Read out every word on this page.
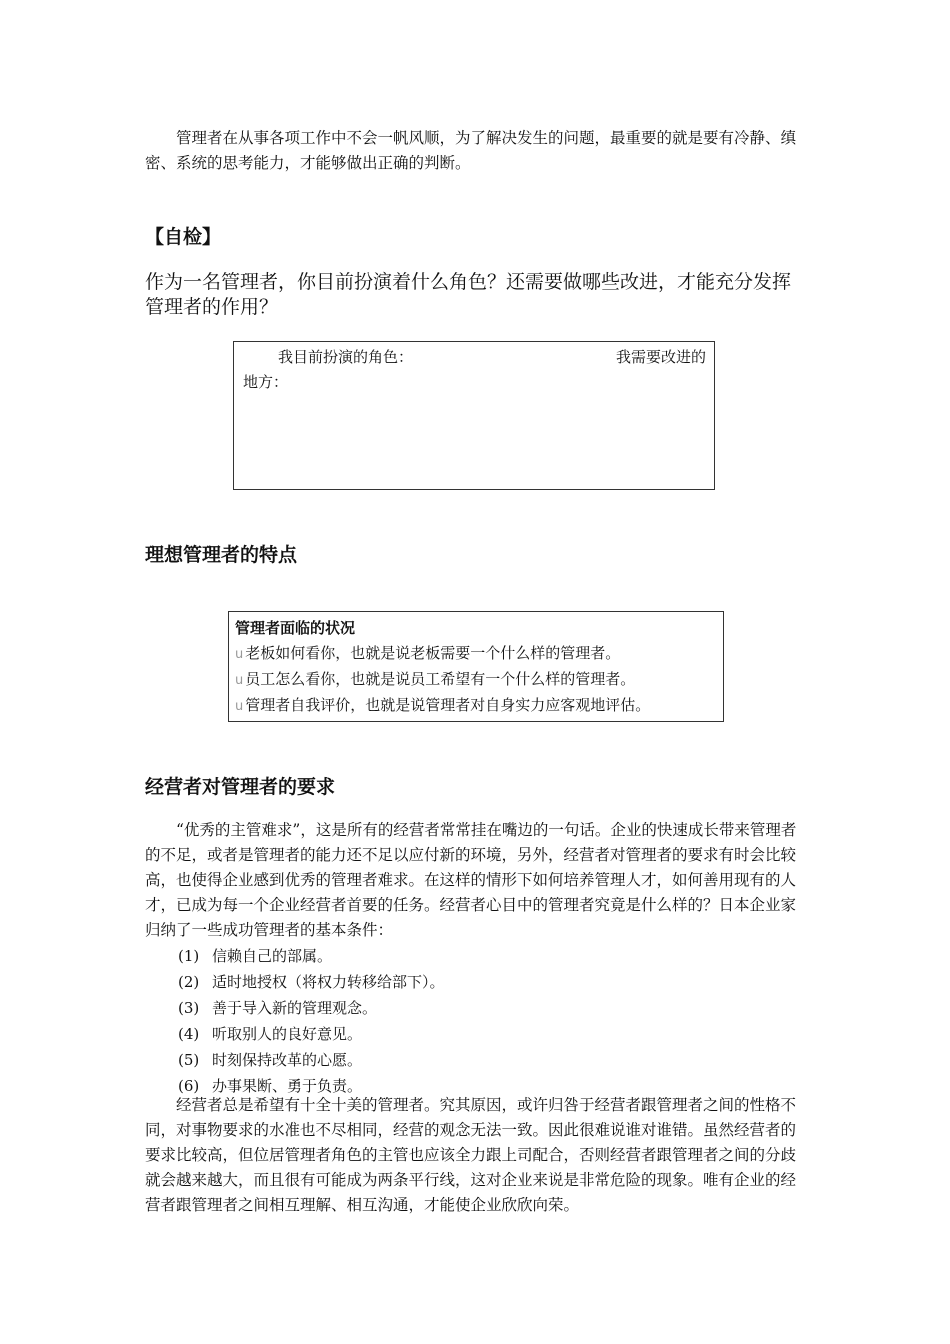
管理者在从事各项工作中不会一帆风顺，为了解决发生的问题，最重要的就是要有冷静、缜密、系统的思考能力，才能够做出正确的判断。

【自检】

作为一名管理者，你目前扮演着什么角色？还需要做哪些改进，才能充分发挥管理者的作用？

我目前扮演的角色：	我需要改进的
地方：
理想管理者的特点
管理者面临的状况
u 老板如何看你，也就是说老板需要一个什么样的管理者。
u 员工怎么看你，也就是说员工希望有一个什么样的管理者。
u 管理者自我评价，也就是说管理者对自身实力应客观地评估。
经营者对管理者的要求

“优秀的主管难求”，这是所有的经营者常常挂在嘴边的一句话。企业的快速成长带来管理者的不足，或者是管理者的能力还不足以应付新的环境，另外，经营者对管理者的要求有时会比较高，也使得企业感到优秀的管理者难求。在这样的情形下如何培养管理人才，如何善用现有的人才，已成为每一个企业经营者首要的任务。经营者心目中的管理者究竟是什么样的？日本企业家归纳了一些成功管理者的基本条件：

(1) 信赖自己的部属。
(2) 适时地授权（将权力转移给部下）。
(3) 善于导入新的管理观念。
(4) 听取别人的良好意见。
(5) 时刻保持改革的心愿。
(6) 办事果断、勇于负责。

经营者总是希望有十全十美的管理者。究其原因，或许归咎于经营者跟管理者之间的性格不同，对事物要求的水准也不尽相同，经营的观念无法一致。因此很难说谁对谁错。虽然经营者的要求比较高，但位居管理者角色的主管也应该全力跟上司配合，否则经营者跟管理者之间的分歧就会越来越大，而且很有可能成为两条平行线，这对企业来说是非常危险的现象。唯有企业的经营者跟管理者之间相互理解、相互沟通，才能使企业欣欣向荣。
